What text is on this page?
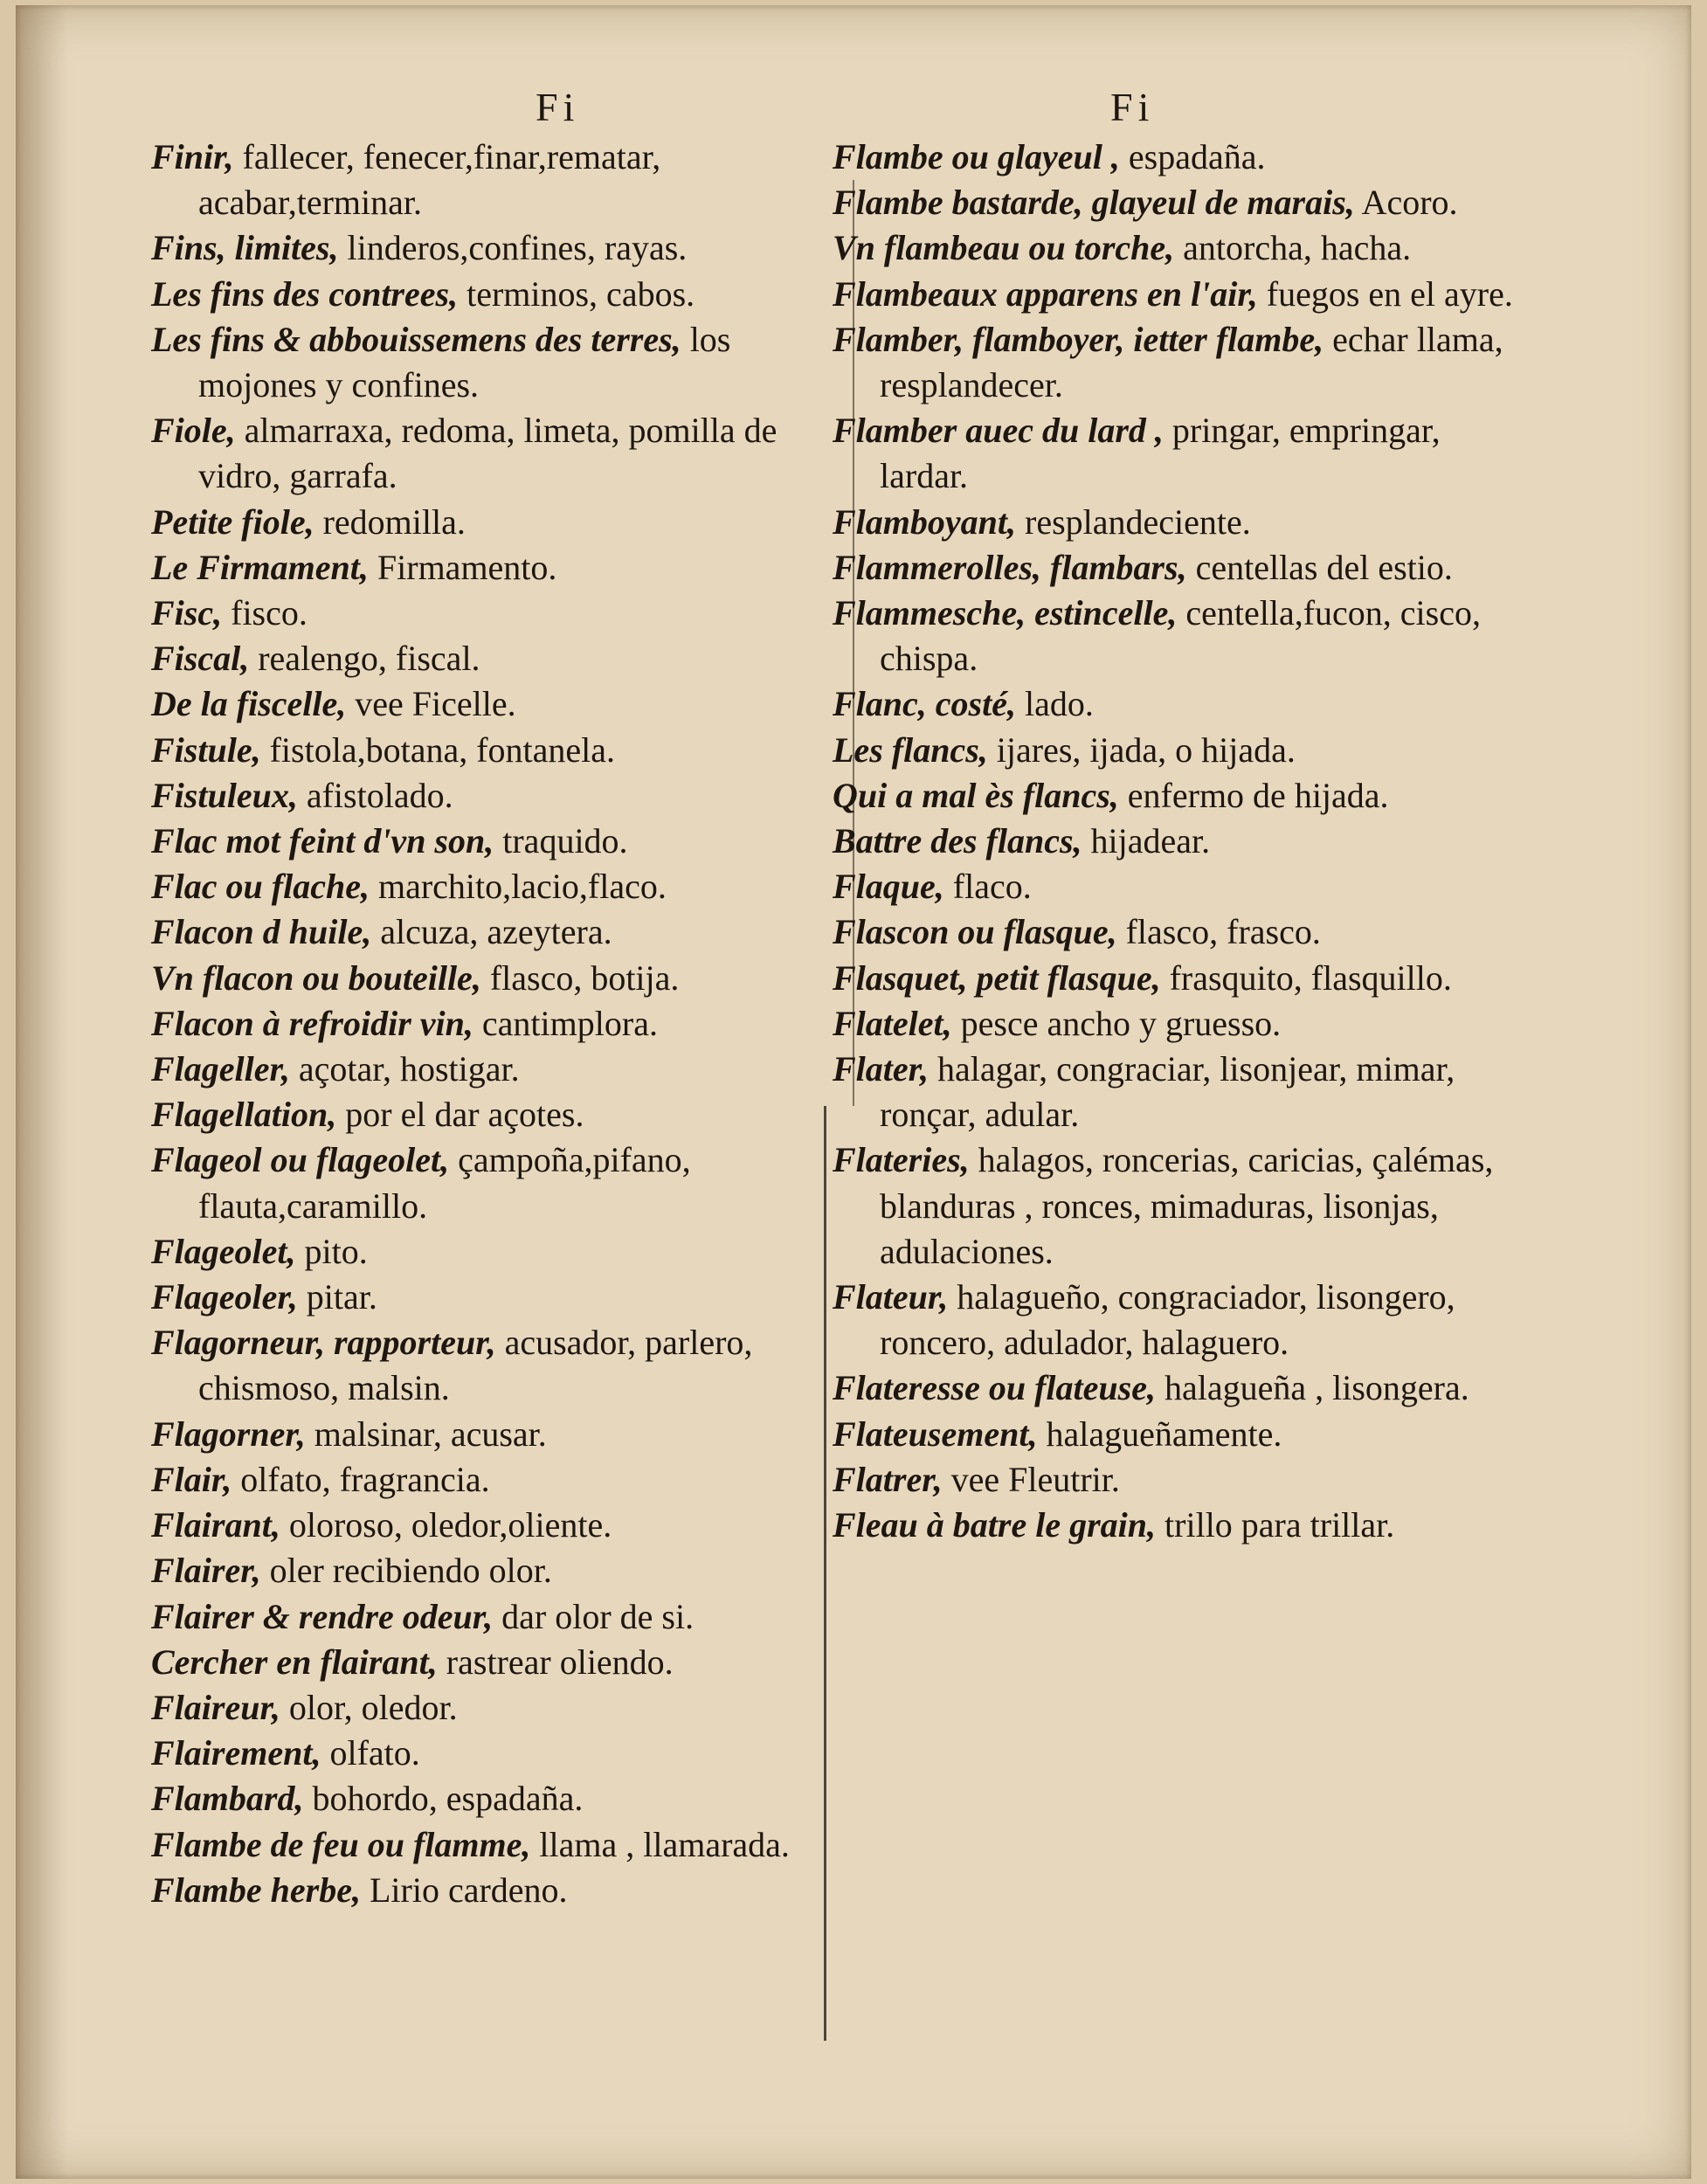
Fi
Finir, fallecer, fenecer,finar,rematar, acabar,terminar.
Fins, limites, linderos,confines, rayas.
Les fins des contrees, terminos, cabos.
Les fins & abbouissemens des terres, los mojones y confines.
Fiole, almarraxa, redoma, limeta, pomilla de vidro, garrafa.
Petite fiole, redomilla.
Le Firmament, Firmamento.
Fisc, fisco.
Fiscal, realengo, fiscal.
De la fiscelle, vee Ficelle.
Fistule, fistola,botana, fontanela.
Fistuleux, afistolado.
Flac mot feint d'vn son, traquido.
Flac ou flache, marchito,lacio,flaco.
Flacon d huile, alcuza, azeytera.
Vn flacon ou bouteille, flasco, botija.
Flacon à refroidir vin, cantimplora.
Flageller, açotar, hostigar.
Flagellation, por el dar açotes.
Flageol ou flageolet, çampoña,pifano, flauta,caramillo.
Flageolet, pito.
Flageoler, pitar.
Flagorneur, rapporteur, acusador, parlero, chismoso, malsin.
Flagorner, malsinar, acusar.
Flair, olfato, fragrancia.
Flairant, oloroso, oledor,oliente.
Flairer, oler recibiendo olor.
Flairer & rendre odeur, dar olor de si.
Cercher en flairant, rastrear oliendo.
Flaireur, olor, oledor.
Flairement, olfato.
Flambard, bohordo, espadaña.
Flambe de feu ou flamme, llama , llamarada.
Flambe herbe, Lirio cardeno.
Fi
Flambe ou glayeul , espadaña.
Flambe bastarde, glayeul de marais, Acoro.
Vn flambeau ou torche, antorcha, hacha.
Flambeaux apparens en l'air, fuegos en el ayre.
Flamber, flamboyer, ietter flambe, echar llama, resplandecer.
Flamber auec du lard , pringar, empringar, lardar.
Flamboyant, resplandeciente.
Flammerolles, flambars, centellas del estio.
Flammesche, estincelle, centella,fucon, cisco, chispa.
Flanc, costé, lado.
Les flancs, ijares, ijada, o hijada.
Qui a mal ès flancs, enfermo de hijada.
Battre des flancs, hijadear.
Flaque, flaco.
Flascon ou flasque, flasco, frasco.
Flasquet, petit flasque, frasquito, flasquillo.
Flatelet, pesce ancho y gruesso.
Flater, halagar, congraciar, lisonjear, mimar, ronçar, adular.
Flateries, halagos, roncerias, caricias, çalémas, blanduras , ronces, mimaduras, lisonjas, adulaciones.
Flateur, halagueño, congraciador, lisongero, roncero, adulador, halaguero.
Flateresse ou flateuse, halagueña , lisongera.
Flateusement, halagueñamente.
Flatrer, vee Fleutrir.
Fleau à batre le grain, trillo para trillar.
